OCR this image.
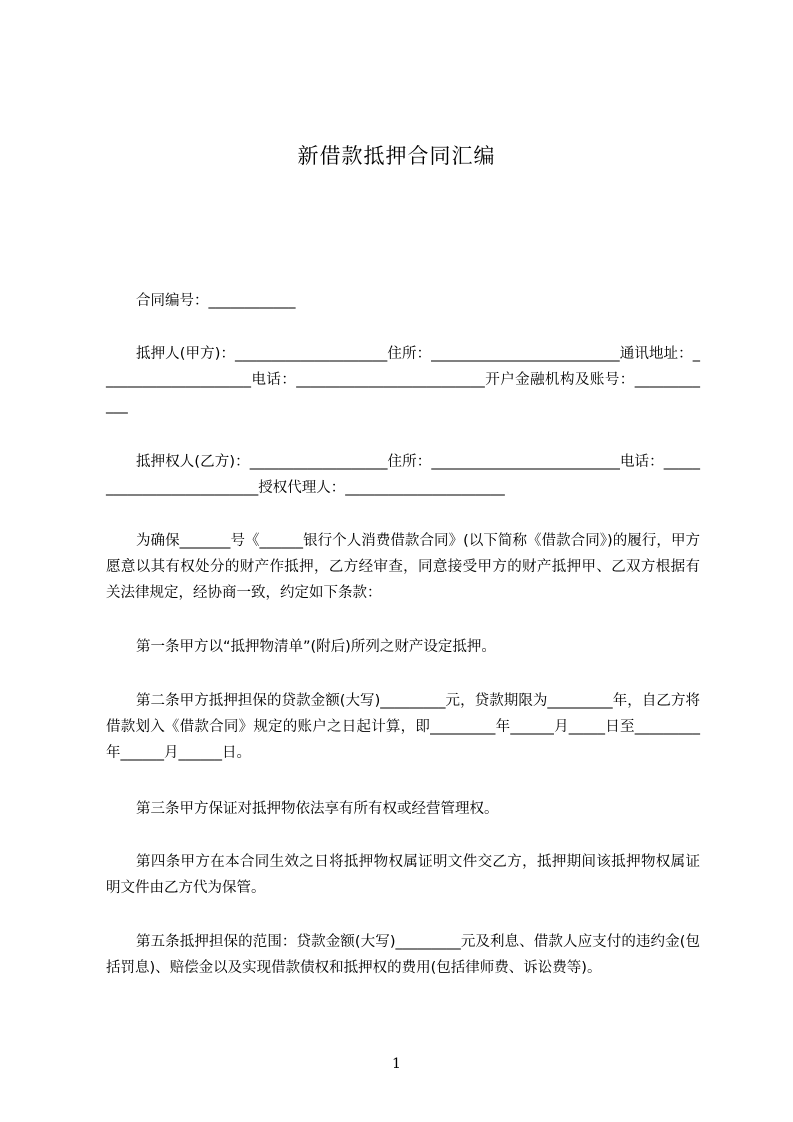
新借款抵押合同汇编

合同编号：____________

抵押人(甲方)：_____________________住所：__________________________通讯地址：_____________________电话：__________________________开户金融机构及账号：____________

抵押权人(乙方)：___________________住所：__________________________电话：__________________________授权代理人：______________________

为确保_______号《______银行个人消费借款合同》(以下简称《借款合同》)的履行，甲方愿意以其有权处分的财产作抵押，乙方经审查，同意接受甲方的财产抵押甲、乙双方根据有关法律规定，经协商一致，约定如下条款：

第一条甲方以“抵押物清单”(附后)所列之财产设定抵押。

第二条甲方抵押担保的贷款金额(大写)_________元，贷款期限为_________年，自乙方将借款划入《借款合同》规定的账户之日起计算，即_________年______月_____日至_________年______月______日。

第三条甲方保证对抵押物依法享有所有权或经营管理权。

第四条甲方在本合同生效之日将抵押物权属证明文件交乙方，抵押期间该抵押物权属证明文件由乙方代为保管。

第五条抵押担保的范围：贷款金额(大写)_________元及利息、借款人应支付的违约金(包括罚息)、赔偿金以及实现借款债权和抵押权的费用(包括律师费、诉讼费等)。

1
